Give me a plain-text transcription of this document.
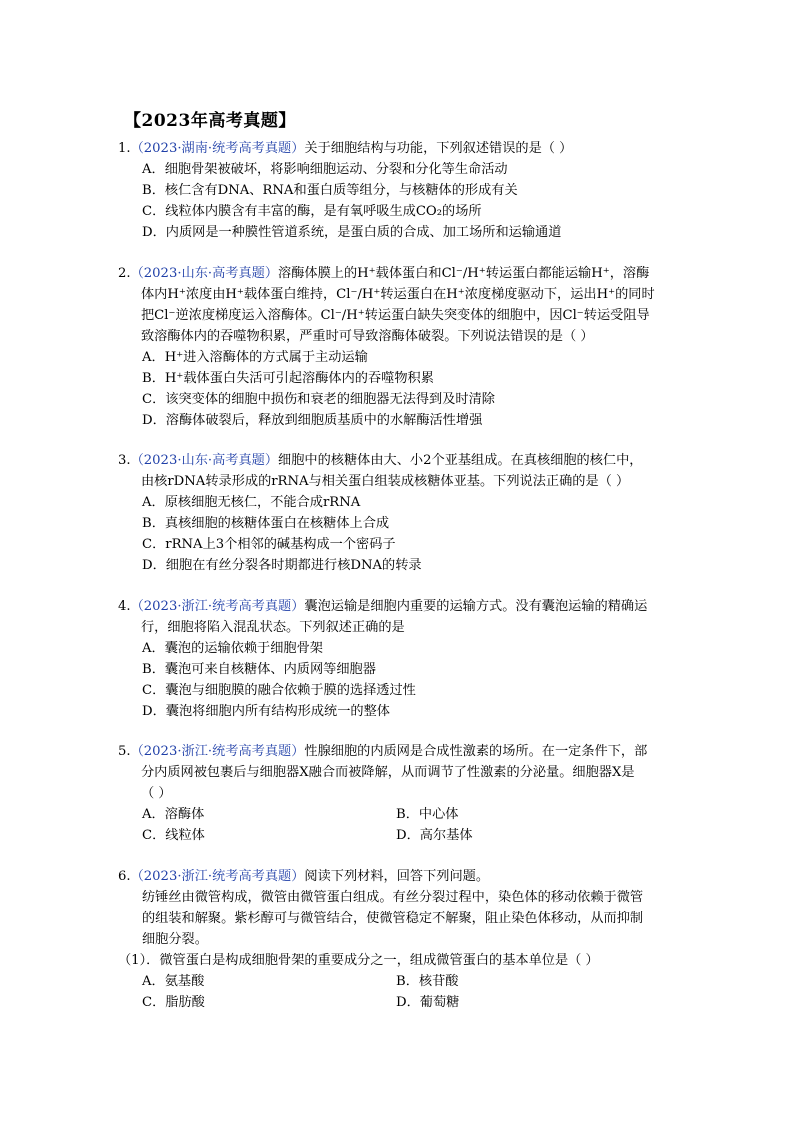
【2023年高考真题】
1.（2023·湖南·统考高考真题）关于细胞结构与功能，下列叙述错误的是（ ）
A．细胞骨架被破坏，将影响细胞运动、分裂和分化等生命活动
B．核仁含有DNA、RNA和蛋白质等组分，与核糖体的形成有关
C．线粒体内膜含有丰富的酶，是有氧呼吸生成CO₂的场所
D．内质网是一种膜性管道系统，是蛋白质的合成、加工场所和运输通道
2.（2023·山东·高考真题）溶酶体膜上的H⁺载体蛋白和Cl⁻/H⁺转运蛋白都能运输H⁺，溶酶
体内H⁺浓度由H⁺载体蛋白维持，Cl⁻/H⁺转运蛋白在H⁺浓度梯度驱动下，运出H⁺的同时
把Cl⁻逆浓度梯度运入溶酶体。Cl⁻/H⁺转运蛋白缺失突变体的细胞中，因Cl⁻转运受阻导
致溶酶体内的吞噬物积累，严重时可导致溶酶体破裂。下列说法错误的是（ ）
A．H⁺进入溶酶体的方式属于主动运输
B．H⁺载体蛋白失活可引起溶酶体内的吞噬物积累
C．该突变体的细胞中损伤和衰老的细胞器无法得到及时清除
D．溶酶体破裂后，释放到细胞质基质中的水解酶活性增强
3.（2023·山东·高考真题）细胞中的核糖体由大、小2个亚基组成。在真核细胞的核仁中，
由核rDNA转录形成的rRNA与相关蛋白组装成核糖体亚基。下列说法正确的是（ ）
A．原核细胞无核仁，不能合成rRNA
B．真核细胞的核糖体蛋白在核糖体上合成
C．rRNA上3个相邻的碱基构成一个密码子
D．细胞在有丝分裂各时期都进行核DNA的转录
4.（2023·浙江·统考高考真题）囊泡运输是细胞内重要的运输方式。没有囊泡运输的精确运
行，细胞将陷入混乱状态。下列叙述正确的是
A．囊泡的运输依赖于细胞骨架
B．囊泡可来自核糖体、内质网等细胞器
C．囊泡与细胞膜的融合依赖于膜的选择透过性
D．囊泡将细胞内所有结构形成统一的整体
5.（2023·浙江·统考高考真题）性腺细胞的内质网是合成性激素的场所。在一定条件下，部
分内质网被包裹后与细胞器X融合而被降解，从而调节了性激素的分泌量。细胞器X是
（ ）
A．溶酶体	B．中心体
C．线粒体	D．高尔基体
6.（2023·浙江·统考高考真题）阅读下列材料，回答下列问题。
纺锤丝由微管构成，微管由微管蛋白组成。有丝分裂过程中，染色体的移动依赖于微管
的组装和解聚。紫杉醇可与微管结合，使微管稳定不解聚，阻止染色体移动，从而抑制
细胞分裂。
（1）．微管蛋白是构成细胞骨架的重要成分之一，组成微管蛋白的基本单位是（ ）
A．氨基酸	B．核苷酸
C．脂肪酸	D．葡萄糖
